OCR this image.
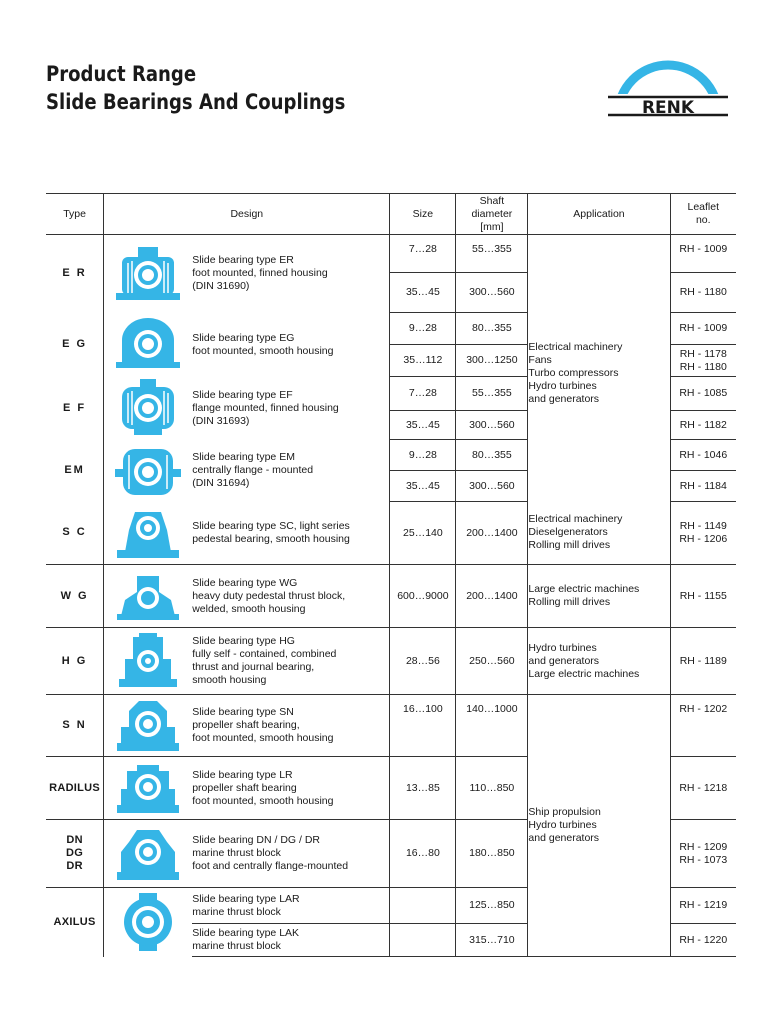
Product Range
Slide Bearings And Couplings	RENK
Type	Design		Size	Shaft
diameter
[mm]	Application	Leaflet
no.

E R		Slide bearing type ER
foot mounted, finned housing
(DIN 31690)	7…28	55…355	Electrical machinery
Fans
Turbo compressors
Hydro turbines
and generators	RH - 1009
			35…45	300…560		RH - 1180
E G		Slide bearing type EG
foot mounted, smooth housing	9…28	80…355		RH - 1009
			35…112	300…1250		RH - 1178
RH - 1180

E F		Slide bearing type EF
flange mounted, finned housing
(DIN 31693)	7…28	55…355		RH - 1085
			35…45	300…560		RH - 1182
EM		Slide bearing type EM
centrally flange - mounted
(DIN 31694)	9…28	80…355		RH - 1046
			35…45	300…560		RH - 1184
S C		Slide bearing type SC, light series
pedestal bearing, smooth housing	25…140	200…1400	Electrical machinery
Dieselgenerators
Rolling mill drives	RH - 1149
RH - 1206

W G		Slide bearing type WG
heavy duty pedestal thrust block,
welded, smooth housing	600…9000	200…1400	Large electric machines
Rolling mill drives	RH - 1155
H G		Slide bearing type HG
fully self - contained, combined
thrust and journal bearing,
smooth housing	28…56	250…560	Hydro turbines
and generators
Large electric machines	RH - 1189
S N		Slide bearing type SN
propeller shaft bearing,
foot mounted, smooth housing	16…100	140…1000	Ship propulsion
Hydro turbines
and generators	RH - 1202
RADILUS		Slide bearing type LR
propeller shaft bearing
foot mounted, smooth housing	13…85	110…850		RH - 1218

DN
DG
DR		Slide bearing DN / DG / DR
marine thrust block
foot and centrally flange-mounted	16…80	180…850		RH - 1209
RH - 1073

AXILUS		Slide bearing type LAR
marine thrust block		125…850		RH - 1219

		Slide bearing type LAK
marine thrust block		315…710		RH - 1220
